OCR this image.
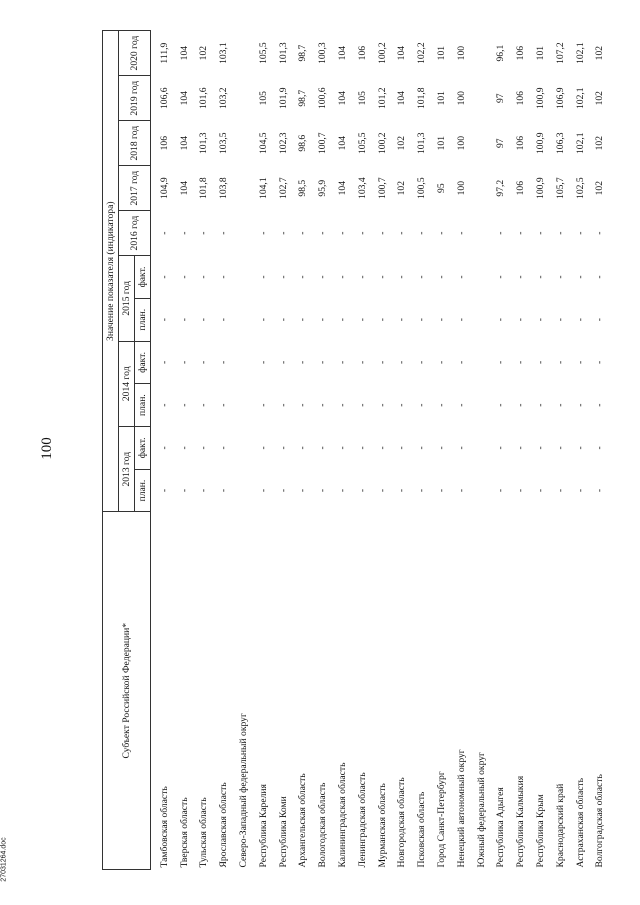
100
27031264.doc
Субъект Российской Федерации*	Значение показателя (индикатора)										
	2013 год		2014 год		2015 год		2016 год	2017 год	2018 год	2019 год	2020 год
	план.	факт.	план.	факт.	план.	факт.					
Тамбовская область	-	-	-	-	-	-	-	104,9	106	106,6	111,9
Тверская область	-	-	-	-	-	-	-	104	104	104	104
Тульская область	-	-	-	-	-	-	-	101,8	101,3	101,6	102
Ярославская область	-	-	-	-	-	-	-	103,8	103,5	103,2	103,1
Северо-Западный федеральный округ											
Республика Карелия	-	-	-	-	-	-	-	104,1	104,5	105	105,5
Республика Коми	-	-	-	-	-	-	-	102,7	102,3	101,9	101,3
Архангельская область	-	-	-	-	-	-	-	98,5	98,6	98,7	98,7
Вологодская область	-	-	-	-	-	-	-	95,9	100,7	100,6	100,3
Калининградская область	-	-	-	-	-	-	-	104	104	104	104
Ленинградская область	-	-	-	-	-	-	-	103,4	105,5	105	106
Мурманская область	-	-	-	-	-	-	-	100,7	100,2	101,2	100,2
Новгородская область	-	-	-	-	-	-	-	102	102	104	104
Псковская область	-	-	-	-	-	-	-	100,5	101,3	101,8	102,2
Город Санкт-Петербург	-	-	-	-	-	-	-	95	101	101	101
Ненецкий автономный округ	-	-	-	-	-	-	-	100	100	100	100
Южный федеральный округ											
Республика Адыгея	-	-	-	-	-	-	-	97,2	97	97	96,1
Республика Калмыкия	-	-	-	-	-	-	-	106	106	106	106
Республика Крым	-	-	-	-	-	-	-	100,9	100,9	100,9	101
Краснодарский край	-	-	-	-	-	-	-	105,7	106,3	106,9	107,2
Астраханская область	-	-	-	-	-	-	-	102,5	102,1	102,1	102,1
Волгоградская область	-	-	-	-	-	-	-	102	102	102	102
